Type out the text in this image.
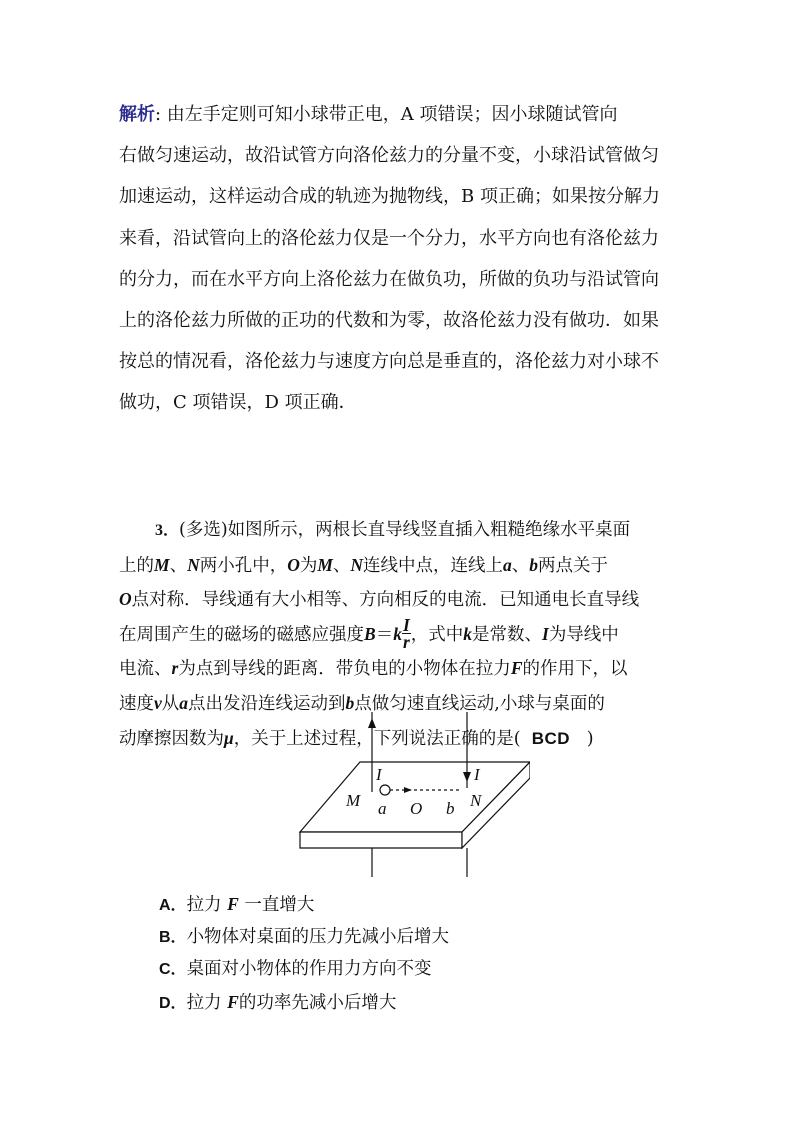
解析: 由左手定则可知小球带正电，A 项错误；因小球随试管向
右做匀速运动，故沿试管方向洛伦兹力的分量不变，小球沿试管做匀
加速运动，这样运动合成的轨迹为抛物线，B 项正确；如果按分解力
来看，沿试管向上的洛伦兹力仅是一个分力，水平方向也有洛伦兹力
的分力，而在水平方向上洛伦兹力在做负功，所做的负功与沿试管向
上的洛伦兹力所做的正功的代数和为零，故洛伦兹力没有做功．如果
按总的情况看，洛伦兹力与速度方向总是垂直的，洛伦兹力对小球不
做功，C 项错误，D 项正确．
3．(多选)如图所示，两根长直导线竖直插入粗糙绝缘水平桌面
上的M、N两小孔中，O为M、N连线中点，连线上a、b两点关于
O点对称．导线通有大小相等、方向相反的电流．已知通电长直导线
在周围产生的磁场的磁感应强度$B=k \frac{I}{r}$ ，式中k是常数、I为导线中
电流、r为点到导线的距离．带负电的小物体在拉力F的作用下，以
速度v从a点出发沿连线运动到b点做匀速直线运动,小球与桌面的
动摩擦因数为μ，关于上述过程，下列说法正确的是( BCD )
I	I
M	N
a O b
A．拉力 F 一直增大
B．小物体对桌面的压力先减小后增大
C．桌面对小物体的作用力方向不变
D．拉力 F的功率先减小后增大
